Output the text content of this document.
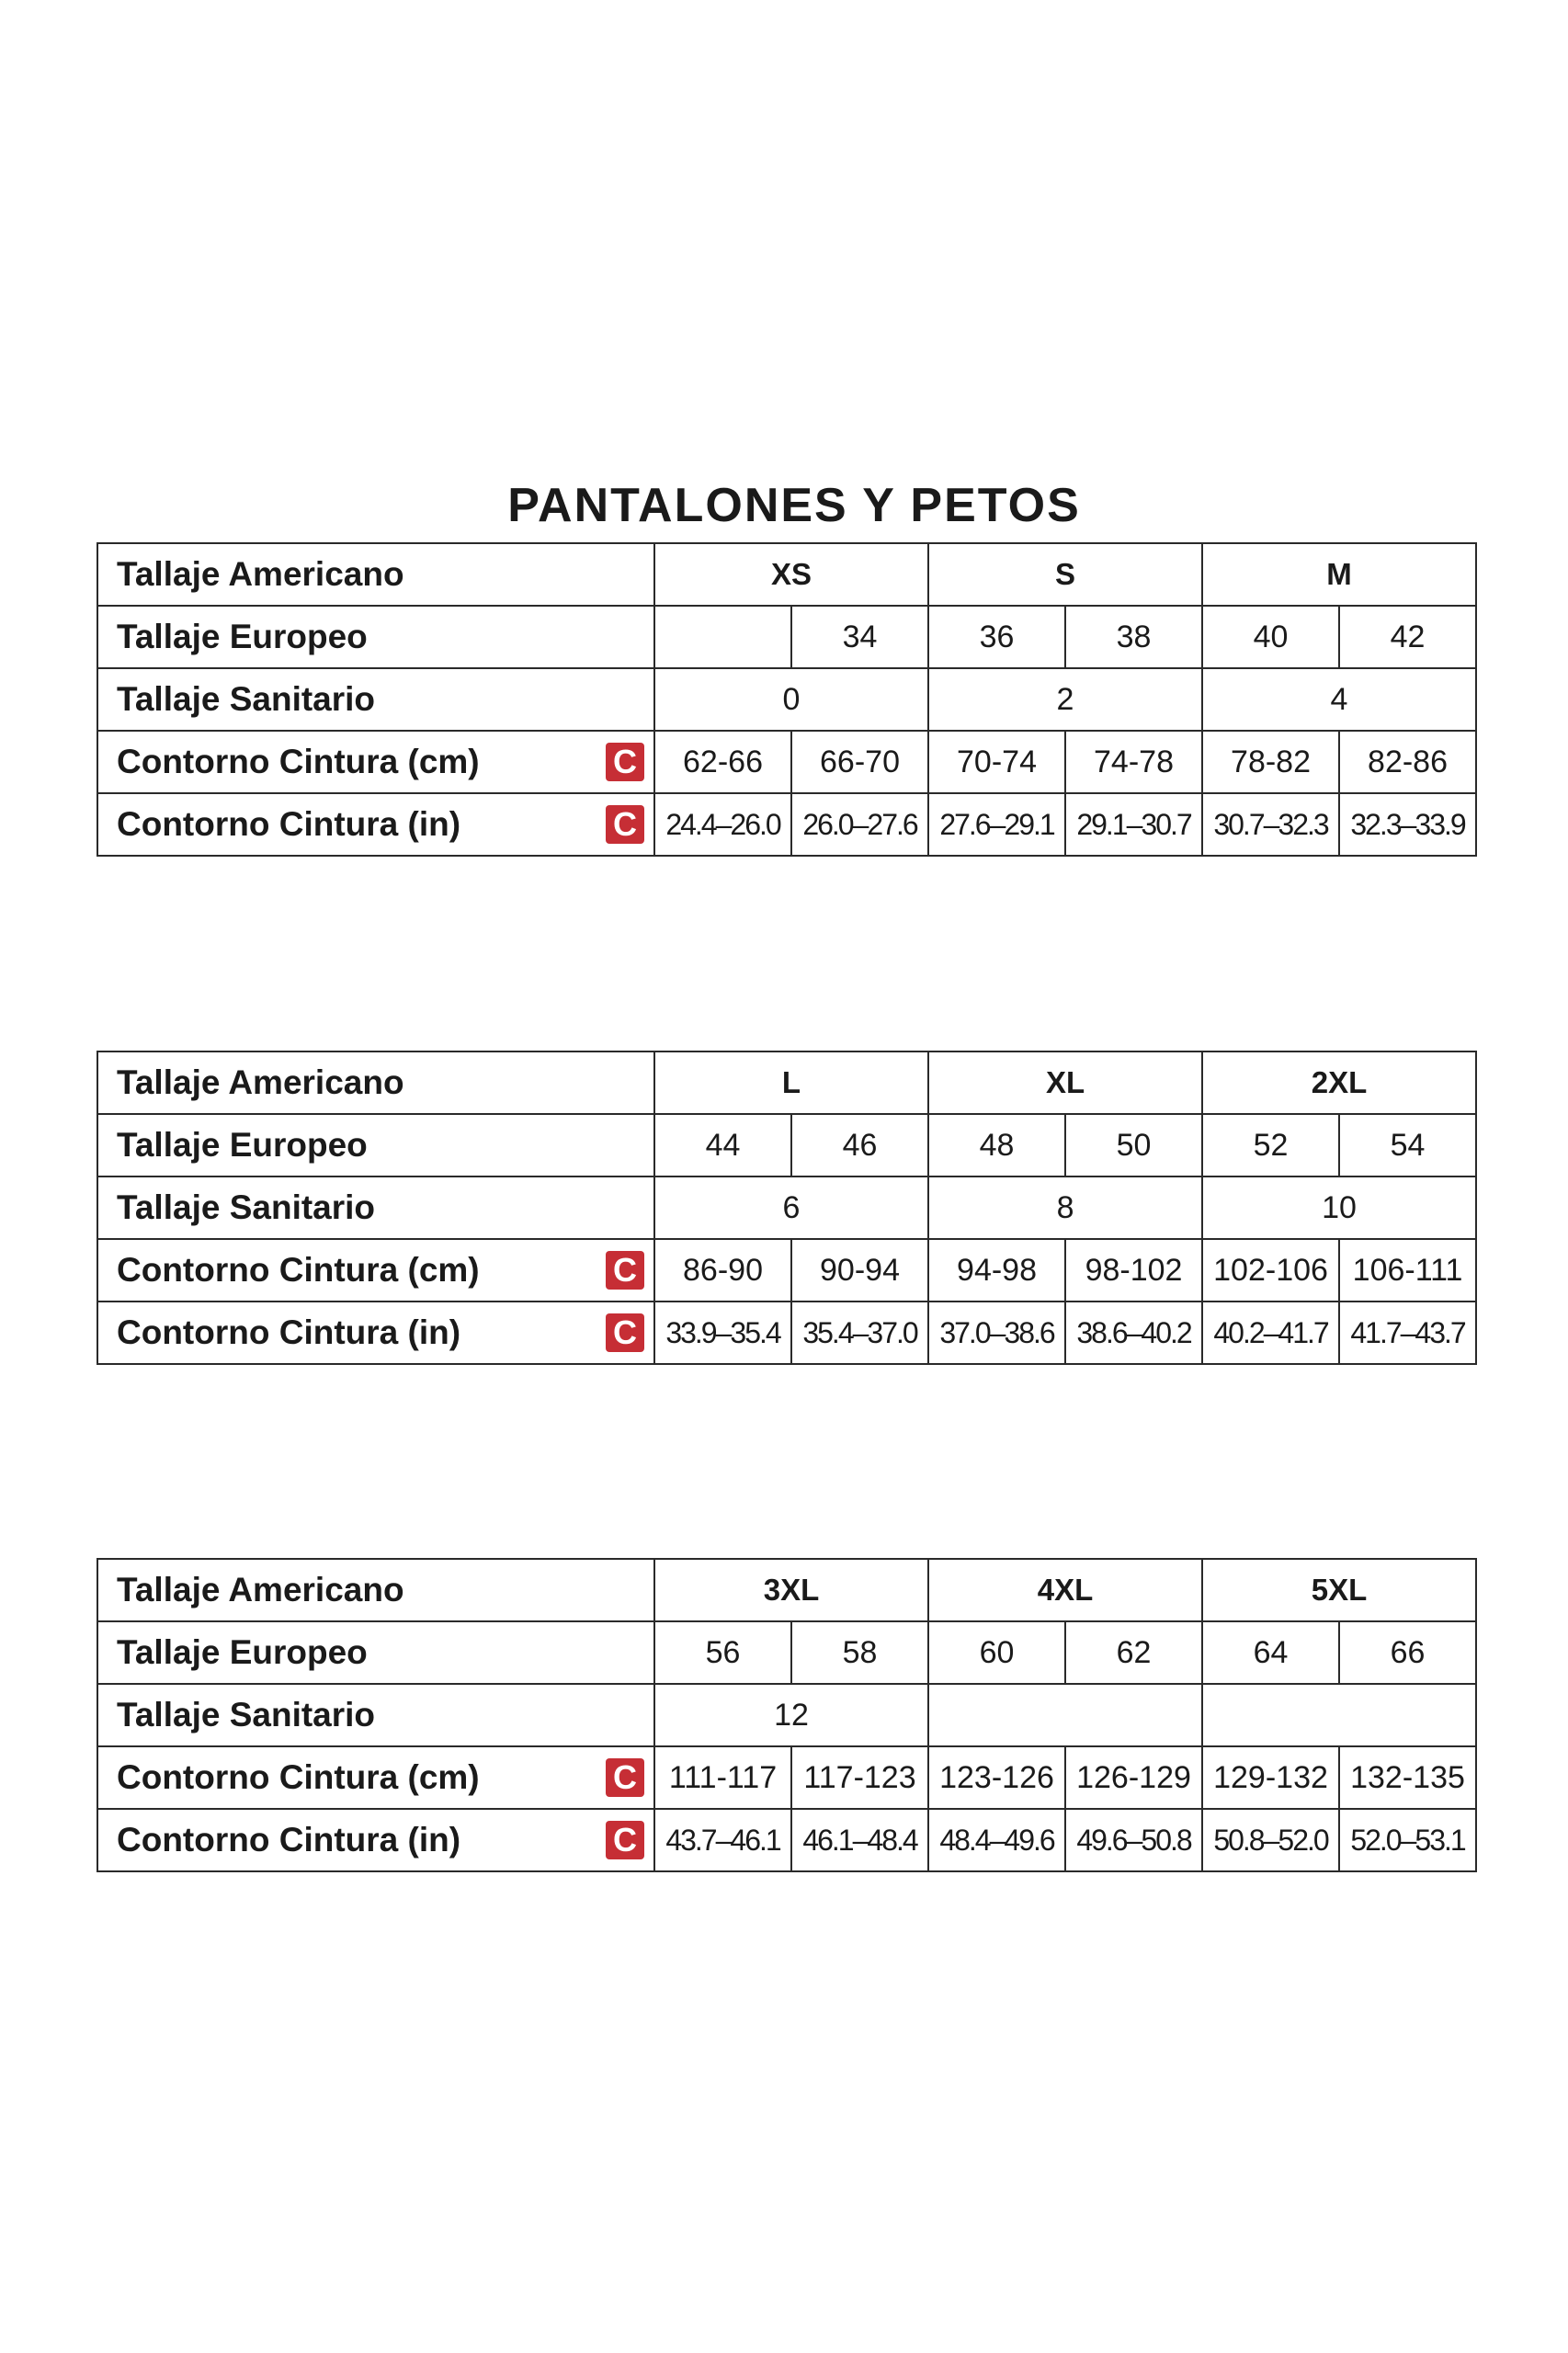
PANTALONES Y PETOS
Tallaje Americano	XS		S		M	
Tallaje Europeo		34	36	38	40	42
Tallaje Sanitario	0		2		4	
Contorno Cintura (cm) C	62-66	66-70	70-74	74-78	78-82	82-86
Contorno Cintura (in) C	24.4–26.0	26.0–27.6	27.6–29.1	29.1–30.7	30.7–32.3	32.3–33.9
Tallaje Americano	L		XL		2XL	
Tallaje Europeo	44	46	48	50	52	54
Tallaje Sanitario	6		8		10	
Contorno Cintura (cm) C	86-90	90-94	94-98	98-102	102-106	106-111
Contorno Cintura (in) C	33.9–35.4	35.4–37.0	37.0–38.6	38.6–40.2	40.2–41.7	41.7–43.7
Tallaje Americano	3XL		4XL		5XL	
Tallaje Europeo	56	58	60	62	64	66
Tallaje Sanitario	12					
Contorno Cintura (cm) C	111-117	117-123	123-126	126-129	129-132	132-135
Contorno Cintura (in) C	43.7–46.1	46.1–48.4	48.4–49.6	49.6–50.8	50.8–52.0	52.0–53.1
